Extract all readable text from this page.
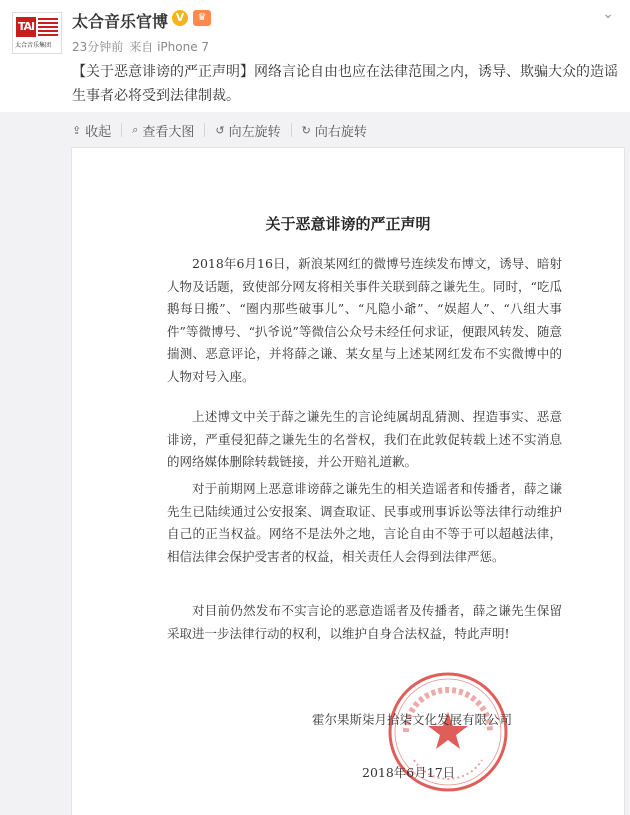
TAI
太合音乐集团
太合音乐官博 V	♛	⌄
23分钟前 来自 iPhone 7
【关于恶意诽谤的严正声明】网络言论自由也应在法律范围之内，诱导、欺骗大众的造谣生事者必将受到法律制裁。
⇪ 收起 ⌕ 查看大图 ↺ 向左旋转 ↻ 向右旋转
关于恶意诽谤的严正声明
2018年6月16日，新浪某网红的微博号连续发布博文，诱导、暗射人物及话题，致使部分网友将相关事件关联到薛之谦先生。同时，“吃瓜鹅每日搬”、“圈内那些破事儿”、“凡隐小爺”、“娱超人”、“八组大事件”等微博号、“扒爷说”等微信公众号未经任何求证，便跟风转发、随意揣测、恶意评论，并将薛之谦、某女星与上述某网红发布不实微博中的人物对号入座。
上述博文中关于薛之谦先生的言论纯属胡乱猜测、捏造事实、恶意诽谤，严重侵犯薛之谦先生的名誉权，我们在此敦促转载上述不实消息的网络媒体删除转载链接，并公开赔礼道歉。
对于前期网上恶意诽谤薛之谦先生的相关造谣者和传播者，薛之谦先生已陆续通过公安报案、调查取证、民事或刑事诉讼等法律行动维护自己的正当权益。网络不是法外之地，言论自由不等于可以超越法律，相信法律会保护受害者的权益，相关责任人会得到法律严惩。
对目前仍然发布不实言论的恶意造谣者及传播者，薛之谦先生保留采取进一步法律行动的权利，以维护自身合法权益，特此声明!
霍尔果斯柒月拾柒文化发展有限公司
2018年6月17日
